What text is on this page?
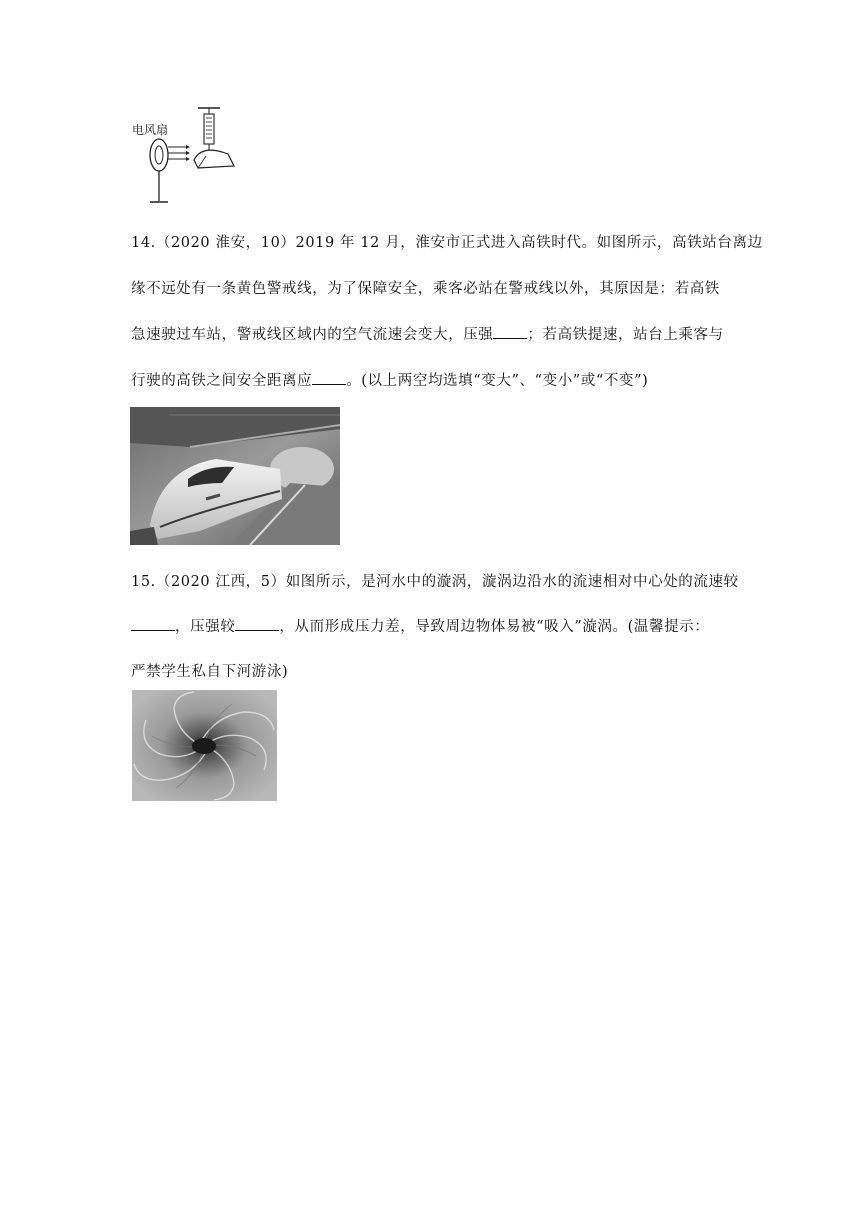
电风扇
14.（2020 淮安，10）2019 年 12 月，淮安市正式进入高铁时代。如图所示，高铁站台离边
缘不远处有一条黄色警戒线，为了保障安全，乘客必站在警戒线以外，其原因是：若高铁
急速驶过车站，警戒线区域内的空气流速会变大，压强 ；若高铁提速，站台上乘客与
行驶的高铁之间安全距离应 。(以上两空均选填“变大”、“变小”或“不变”)
15.（2020 江西，5）如图所示，是河水中的漩涡，漩涡边沿水的流速相对中心处的流速较
，压强较	，从而形成压力差，导致周边物体易被“吸入”漩涡。(温馨提示：
严禁学生私自下河游泳)
